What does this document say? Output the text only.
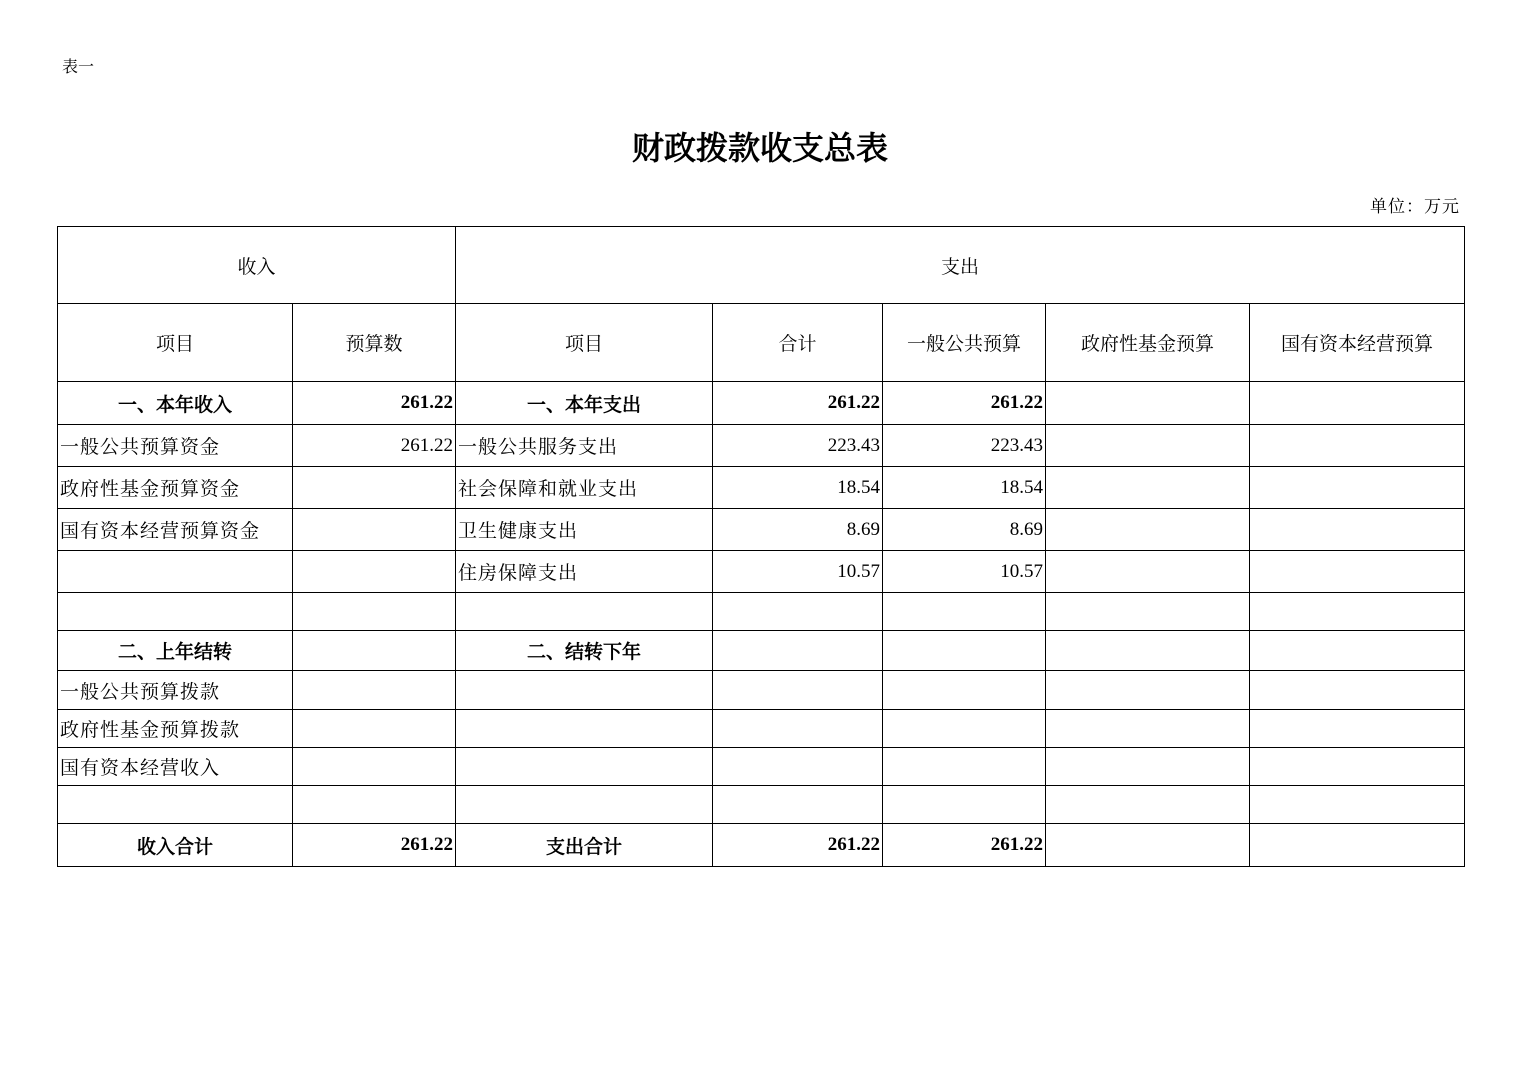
表一
财政拨款收支总表
单位：万元
收入		支出				
项目	预算数	项目	合计	一般公共预算	政府性基金预算	国有资本经营预算
一、本年收入	261.22	一、本年支出	261.22	261.22		
一般公共预算资金	261.22	一般公共服务支出	223.43	223.43		
政府性基金预算资金		社会保障和就业支出	18.54	18.54		
国有资本经营预算资金		卫生健康支出	8.69	8.69		
		住房保障支出	10.57	10.57		

二、上年结转		二、结转下年				
一般公共预算拨款						
政府性基金预算拨款						
国有资本经营收入						

收入合计	261.22	支出合计	261.22	261.22		
